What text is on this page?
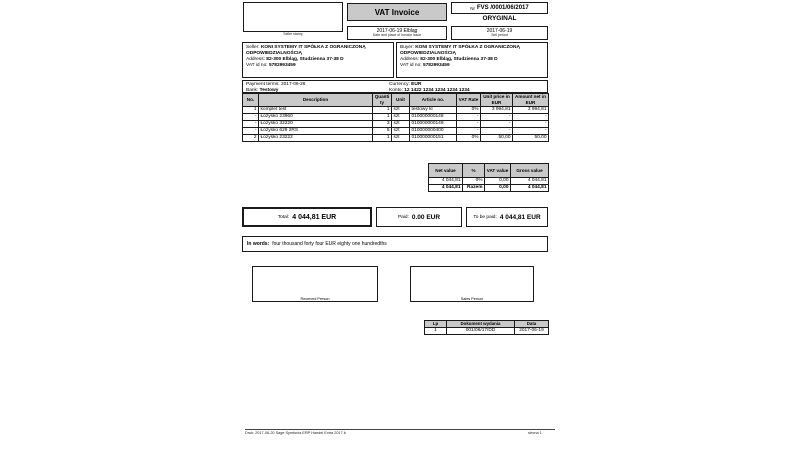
Seller stamp
VAT Invoice
2017-06-19 Elbląg
Date and place of invoice issue
Nr FVS /0001/06/2017
ORYGINAL
2017-06-19
Sell period
Seller: KONI SYSTEMY IT SPÓŁKA Z OGRANICZONĄ ODPOWIEDZIALNOŚCIĄ
Address: 82-300 Elbląg, Studzienna 37-38 D
VAT id no: 5782993459
Buyer: KONI SYSTEMY IT SPÓŁKA Z OGRANICZONĄ ODPOWIEDZIALNOŚCIĄ
Address: 82-300 Elbląg, Studzienna 37-38 D
VAT id no: 5782993459
Payment terms: 2017-06-26
Bank: Testowy
Currency: EUR
Konto: 12 1422 1234 1234 1234 1234
No.	Description	Quantity	Unit	Article no.	VAT Rate	Unit price in EUR	Amount net in EUR
1	komplet test	1	szt	testowy kl	0%	3 994,81	3 994,81
-	Łożysko 23960	1	szt	010000000148	-	-	-
-	Łożysko 32220	3	szt	010000000149	-	-	-
-	Łożysko 629 2RS	5	szt	010000000400	-	-	-
2	Łożysko 23222	1	szt	010000000151	0%	50,00	50,00
Net value	%	VAT value	Gross value
4 044,81	0%	0,00	4 044,81
4 044,81	Razem	0,00	4 044,81
Total: 4 044,81 EUR	Paid: 0.00 EUR	To be paid: 4 044,81 EUR
In words: four thousand forty four EUR eighty one hundredths
Received Person	Sales Person
Lp	Dokument wydania	Data
1	001/06/17/DD	2017-06-19
Druk: 2017-06-20 Sage Symfonia ERP Handel Extra 2017.b	strona 1
